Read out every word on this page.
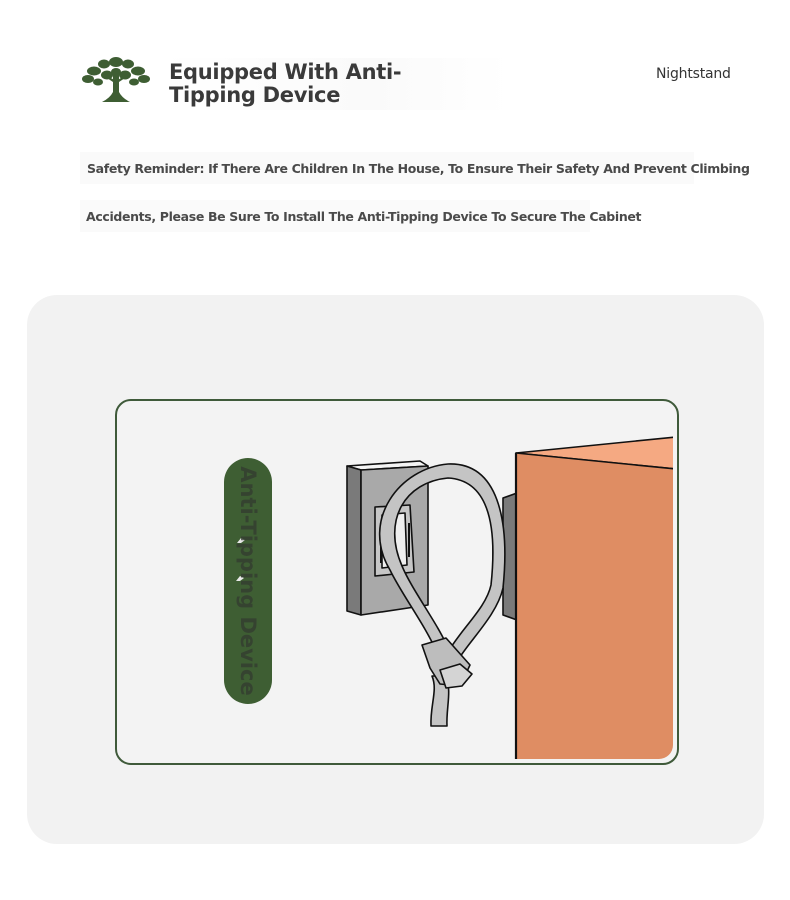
Equipped With Anti-Tipping Device
Nightstand
Safety Reminder: If There Are Children In The House, To Ensure Their Safety And Prevent Climbing
Accidents, Please Be Sure To Install The Anti-Tipping Device To Secure The Cabinet
Anti-Tipping Device
